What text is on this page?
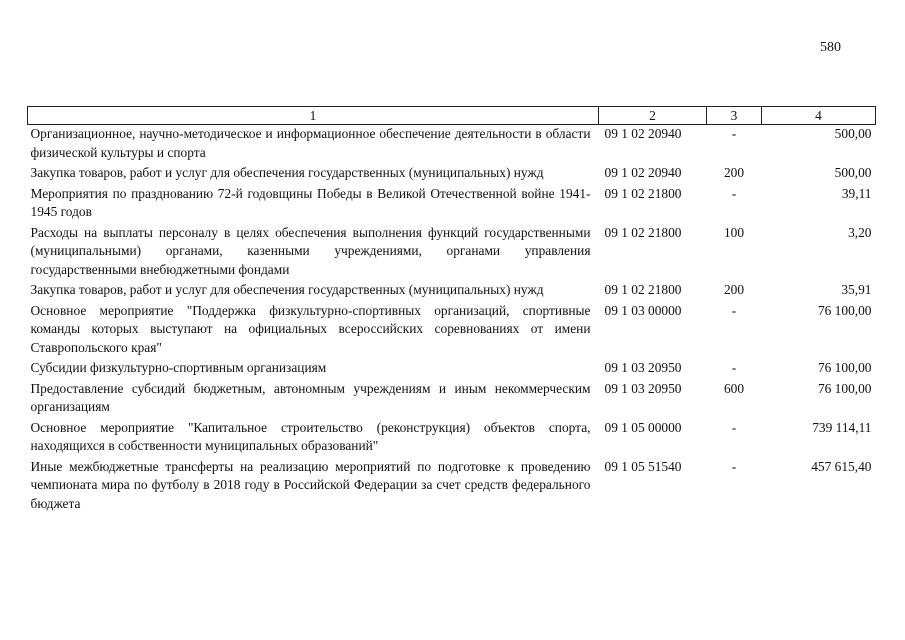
580
1	2	3	4
Организационное, научно-методическое и информационное обеспечение деятельности в области физической культуры и спорта	09 1 02 20940	-	500,00
Закупка товаров, работ и услуг для обеспечения государственных (муниципальных) нужд	09 1 02 20940	200	500,00
Мероприятия по празднованию 72-й годовщины Победы в Великой Отечественной войне 1941-1945 годов	09 1 02 21800	-	39,11
Расходы на выплаты персоналу в целях обеспечения выполнения функций государственными (муниципальными) органами, казенными учреждениями, органами управления государственными внебюджетными фондами	09 1 02 21800	100	3,20
Закупка товаров, работ и услуг для обеспечения государственных (муниципальных) нужд	09 1 02 21800	200	35,91
Основное мероприятие "Поддержка физкультурно-спортивных организаций, спортивные команды которых выступают на официальных всероссийских соревнованиях от имени Ставропольского края"	09 1 03 00000	-	76 100,00
Субсидии физкультурно-спортивным организациям	09 1 03 20950	-	76 100,00
Предоставление субсидий бюджетным, автономным учреждениям и иным некоммерческим организациям	09 1 03 20950	600	76 100,00
Основное мероприятие "Капитальное строительство (реконструкция) объектов спорта, находящихся в собственности муниципальных образований"	09 1 05 00000	-	739 114,11
Иные межбюджетные трансферты на реализацию мероприятий по подготовке к проведению чемпионата мира по футболу в 2018 году в Российской Федерации за счет средств федерального бюджета	09 1 05 51540	-	457 615,40
